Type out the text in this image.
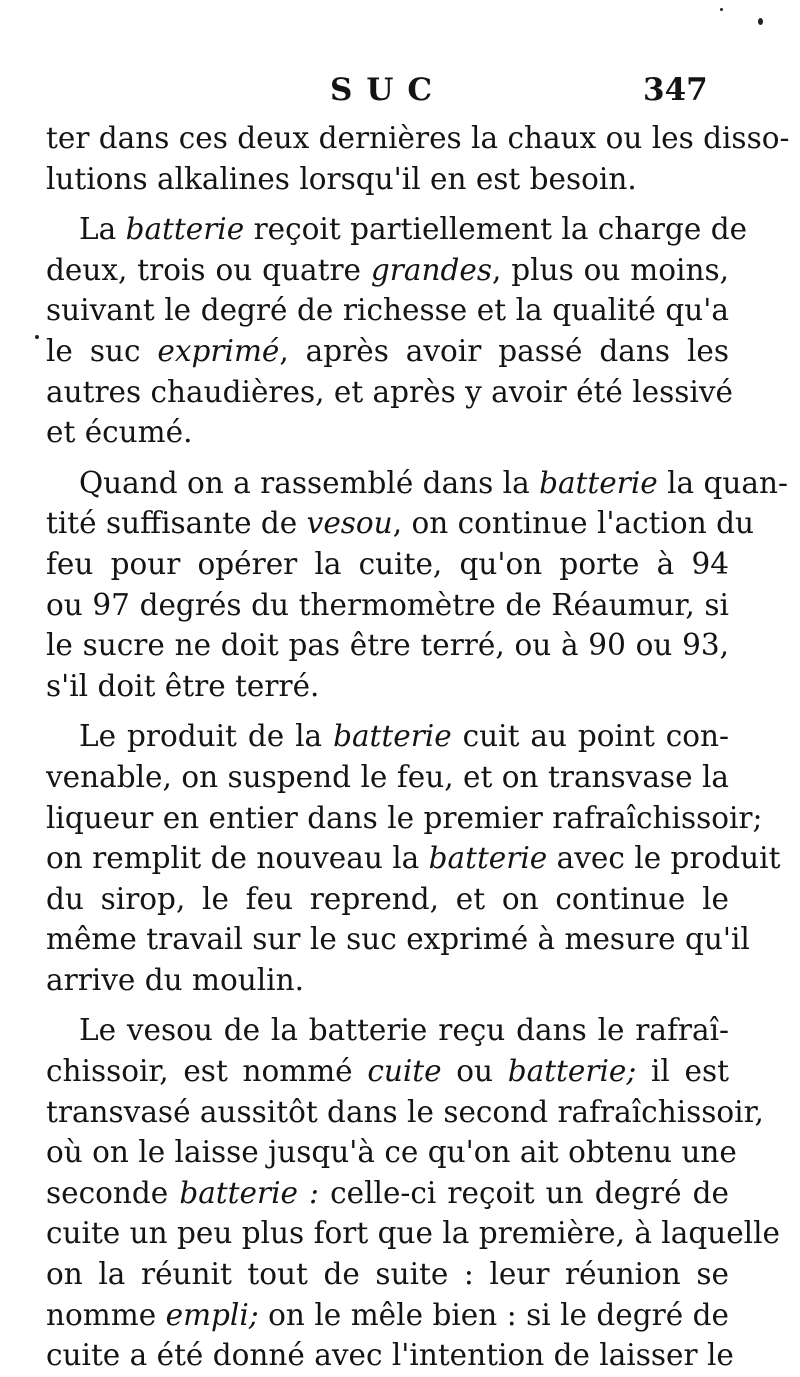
SUC	347
ter dans ces deux dernières la chaux ou les disso-
lutions alkalines lorsqu'il en est besoin.
La batterie reçoit partiellement la charge de
deux, trois ou quatre grandes, plus ou moins,
suivant le degré de richesse et la qualité qu'a
le suc exprimé, après avoir passé dans les
autres chaudières, et après y avoir été lessivé
et écumé.
Quand on a rassemblé dans la batterie la quan-
tité suffisante de vesou, on continue l'action du
feu pour opérer la cuite, qu'on porte à 94
ou 97 degrés du thermomètre de Réaumur, si
le sucre ne doit pas être terré, ou à 90 ou 93,
s'il doit être terré.
Le produit de la batterie cuit au point con-
venable, on suspend le feu, et on transvase la
liqueur en entier dans le premier rafraîchissoir;
on remplit de nouveau la batterie avec le produit
du sirop, le feu reprend, et on continue le
même travail sur le suc exprimé à mesure qu'il
arrive du moulin.
Le vesou de la batterie reçu dans le rafraî-
chissoir, est nommé cuite ou batterie; il est
transvasé aussitôt dans le second rafraîchissoir,
où on le laisse jusqu'à ce qu'on ait obtenu une
seconde batterie : celle-ci reçoit un degré de
cuite un peu plus fort que la première, à laquelle
on la réunit tout de suite : leur réunion se
nomme empli; on le mêle bien : si le degré de
cuite a été donné avec l'intention de laisser le
